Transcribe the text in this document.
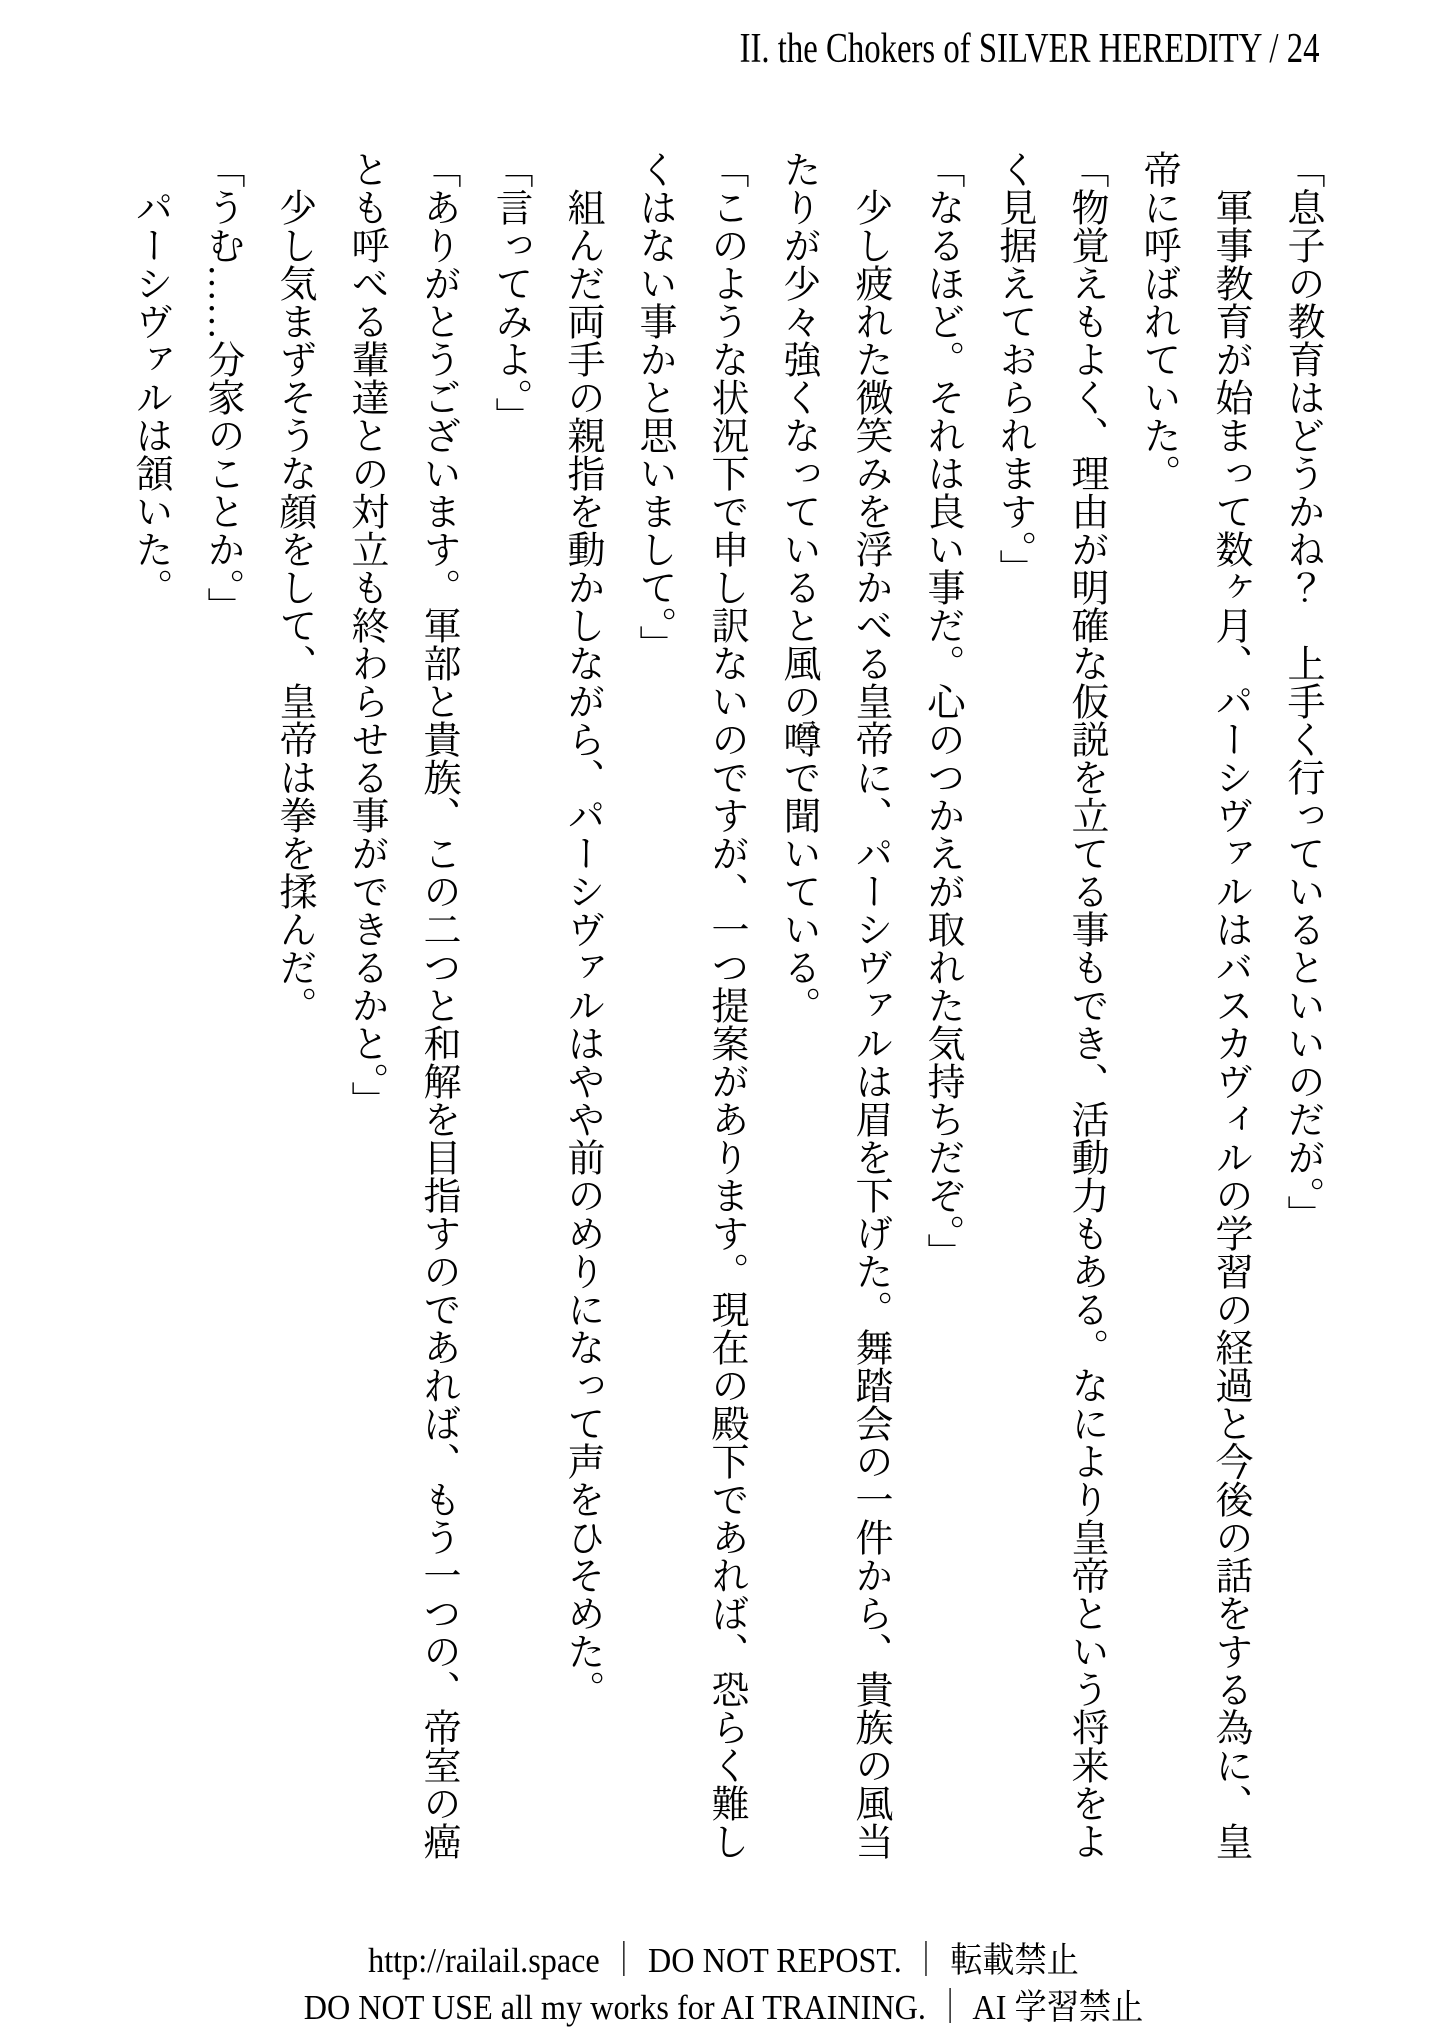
II. the Chokers of SILVER HEREDITY / 24

「息子の教育はどうかね？　上手く行っているといいのだが。」

軍事教育が始まって数ヶ月、パーシヴァルはバスカヴィルの学習の経過と今後の話をする為に、皇帝に呼ばれていた。

「物覚えもよく、理由が明確な仮説を立てる事もでき、活動力もある。なにより皇帝という将来をよく見据えておられます。」

「なるほど。それは良い事だ。心のつかえが取れた気持ちだぞ。」

少し疲れた微笑みを浮かべる皇帝に、パーシヴァルは眉を下げた。舞踏会の一件から、貴族の風当たりが少々強くなっていると風の噂で聞いている。

「このような状況下で申し訳ないのですが、一つ提案があります。現在の殿下であれば、恐らく難しくはない事かと思いまして。」

組んだ両手の親指を動かしながら、パーシヴァルはやや前のめりになって声をひそめた。

「言ってみよ。」

「ありがとうございます。軍部と貴族、この二つと和解を目指すのであれば、もう一つの、帝室の癌とも呼べる輩達との対立も終わらせる事ができるかと。」

少し気まずそうな顔をして、皇帝は拳を揉んだ。

「うむ……分家のことか。」

パーシヴァルは頷いた。

http://railail.space ｜ DO NOT REPOST. ｜ 転載禁止
DO NOT USE all my works for AI TRAINING. ｜ AI 学習禁止
